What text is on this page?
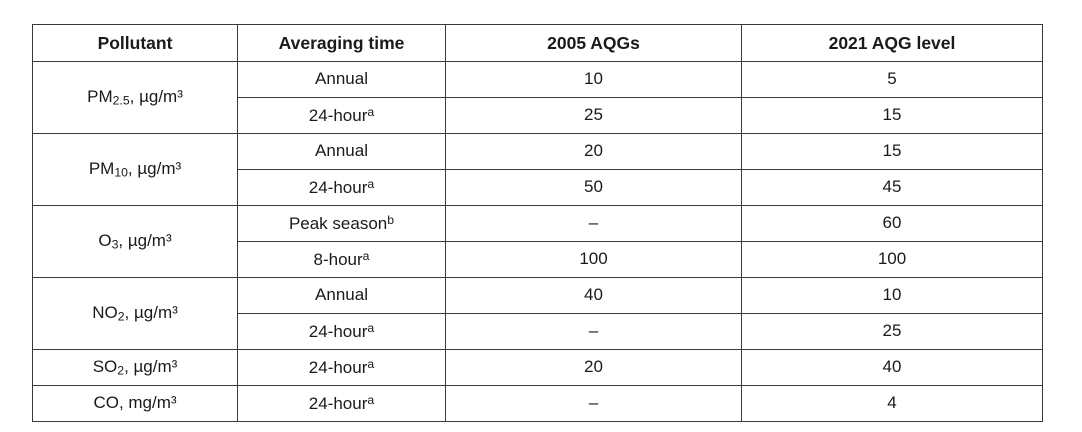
Pollutant	Averaging time	2005 AQGs	2021 AQG level
$PM_{2.5}$, µg/m³	Annual	10	5
	24-hour$^a$	25	15
$PM_{10}$, µg/m³	Annual	20	15
	24-hour$^a$	50	45
$O_3$, µg/m³	Peak season$^b$	–	60
	8-hour$^a$	100	100
$NO_2$, µg/m³	Annual	40	10
	24-hour$^a$	–	25
$SO_2$, µg/m³	24-hour$^a$	20	40
CO, mg/m³	24-hour$^a$	–	4
